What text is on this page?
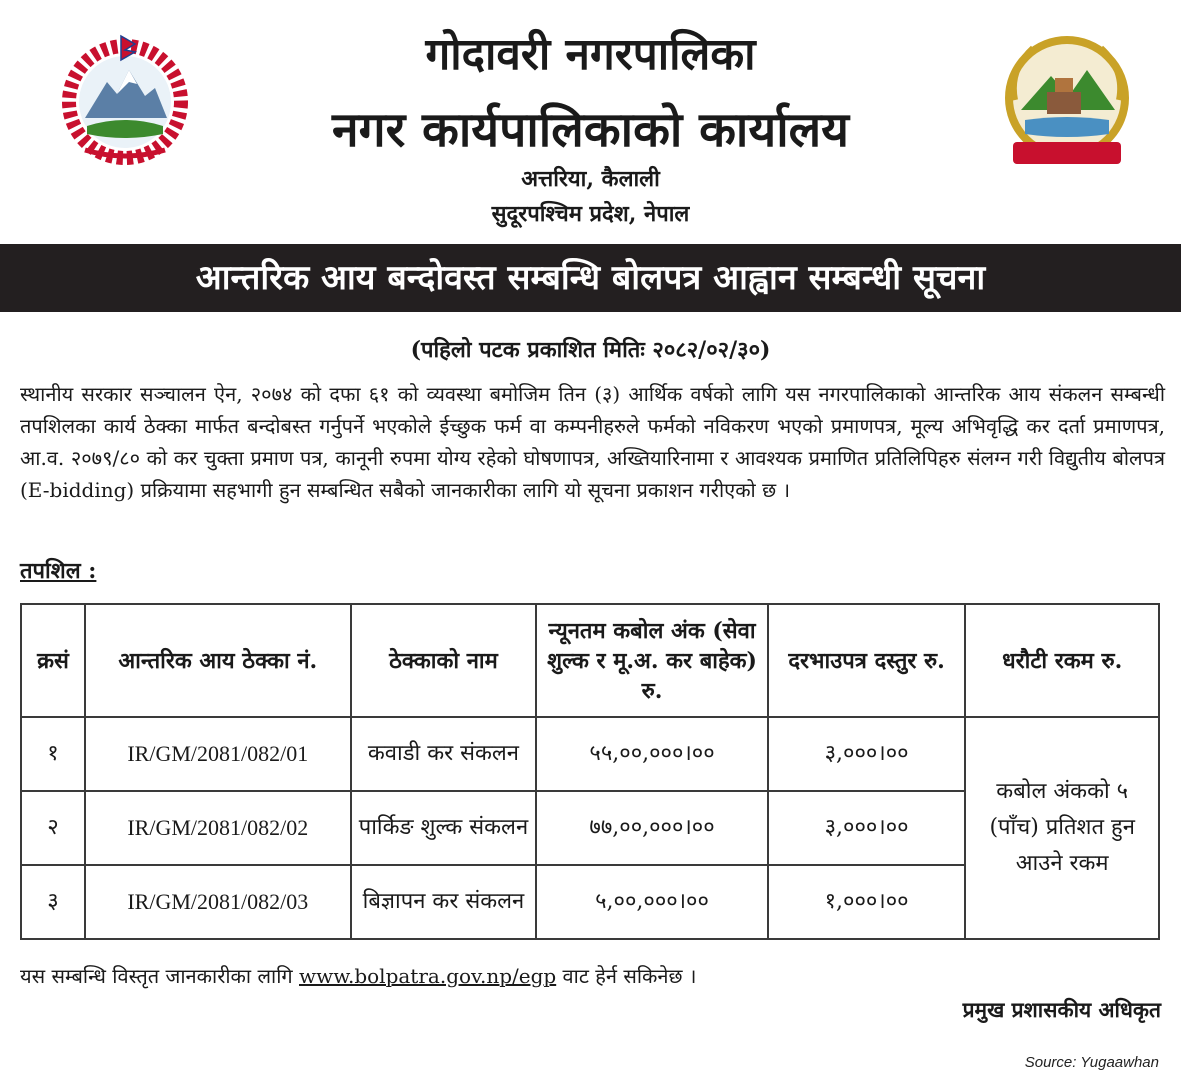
गोदावरी नगरपालिका
नगर कार्यपालिकाको कार्यालय
अत्तरिया, कैलाली
सुदूरपश्चिम प्रदेश, नेपाल
आन्तरिक आय बन्दोवस्त सम्बन्धि बोलपत्र आह्वान सम्बन्धी सूचना
(पहिलो पटक प्रकाशित मितिः २०८२/०२/३०)
स्थानीय सरकार सञ्चालन ऐन, २०७४ को दफा ६१ को व्यवस्था बमोजिम तिन (३) आर्थिक वर्षको लागि यस नगरपालिकाको आन्तरिक आय संकलन सम्बन्धी तपशिलका कार्य ठेक्का मार्फत बन्दोबस्त गर्नुपर्ने भएकोले ईच्छुक फर्म वा कम्पनीहरुले फर्मको नविकरण भएको प्रमाणपत्र, मूल्य अभिवृद्धि कर दर्ता प्रमाणपत्र, आ.व. २०७९/८० को कर चुक्ता प्रमाण पत्र, कानूनी रुपमा योग्य रहेको घोषणापत्र, अख्तियारिनामा र आवश्यक प्रमाणित प्रतिलिपिहरु संलग्न गरी विद्युतीय बोलपत्र (E-bidding) प्रक्रियामा सहभागी हुन सम्बन्धित सबैको जानकारीका लागि यो सूचना प्रकाशन गरीएको छ ।
तपशिल :
क्रसं	आन्तरिक आय ठेक्का नं.	ठेक्काको नाम	न्यूनतम कबोल अंक (सेवा शुल्क र मू.अ. कर बाहेक) रु.	दरभाउपत्र दस्तुर रु.	धरौटी रकम रु.
१	IR/GM/2081/082/01	कवाडी कर संकलन	५५,००,०००।००	३,०००।००	कबोल अंकको ५ (पाँच) प्रतिशत हुन आउने रकम
२	IR/GM/2081/082/02	पार्किङ शुल्क संकलन	७७,००,०००।००	३,०००।००	
३	IR/GM/2081/082/03	बिज्ञापन कर संकलन	५,००,०००।००	१,०००।००	
यस सम्बन्धि विस्तृत जानकारीका लागि www.bolpatra.gov.np/egp वाट हेर्न सकिनेछ ।
प्रमुख प्रशासकीय अधिकृत
Source: Yugaawhan
